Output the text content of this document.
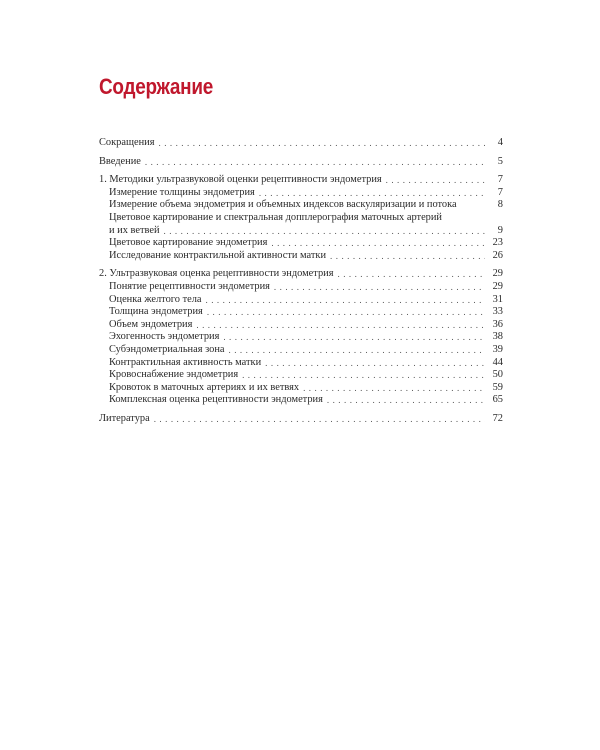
Содержание
Сокращения . . .	4
Введение . . .	5
1. Методики ультразвуковой оценки рецептивности эндометрия . . .	7
Измерение толщины эндометрия . . .	7
Измерение объема эндометрия и объемных индексов васкуляризации и потока	8
Цветовое картирование и спектральная допплерография маточных артерий
и их ветвей . . .	9
Цветовое картирование эндометрия . . .	23
Исследование контрактильной активности матки . . .	26
2. Ультразвуковая оценка рецептивности эндометрия . . .	29
Понятие рецептивности эндометрия . . .	29
Оценка желтого тела . . .	31
Толщина эндометрия . . .	33
Объем эндометрия . . .	36
Эхогенность эндометрия . . .	38
Субэндометриальная зона . . .	39
Контрактильная активность матки . . .	44
Кровоснабжение эндометрия . . .	50
Кровоток в маточных артериях и их ветвях . . .	59
Комплексная оценка рецептивности эндометрия . . .	65
Литература . . .	72
